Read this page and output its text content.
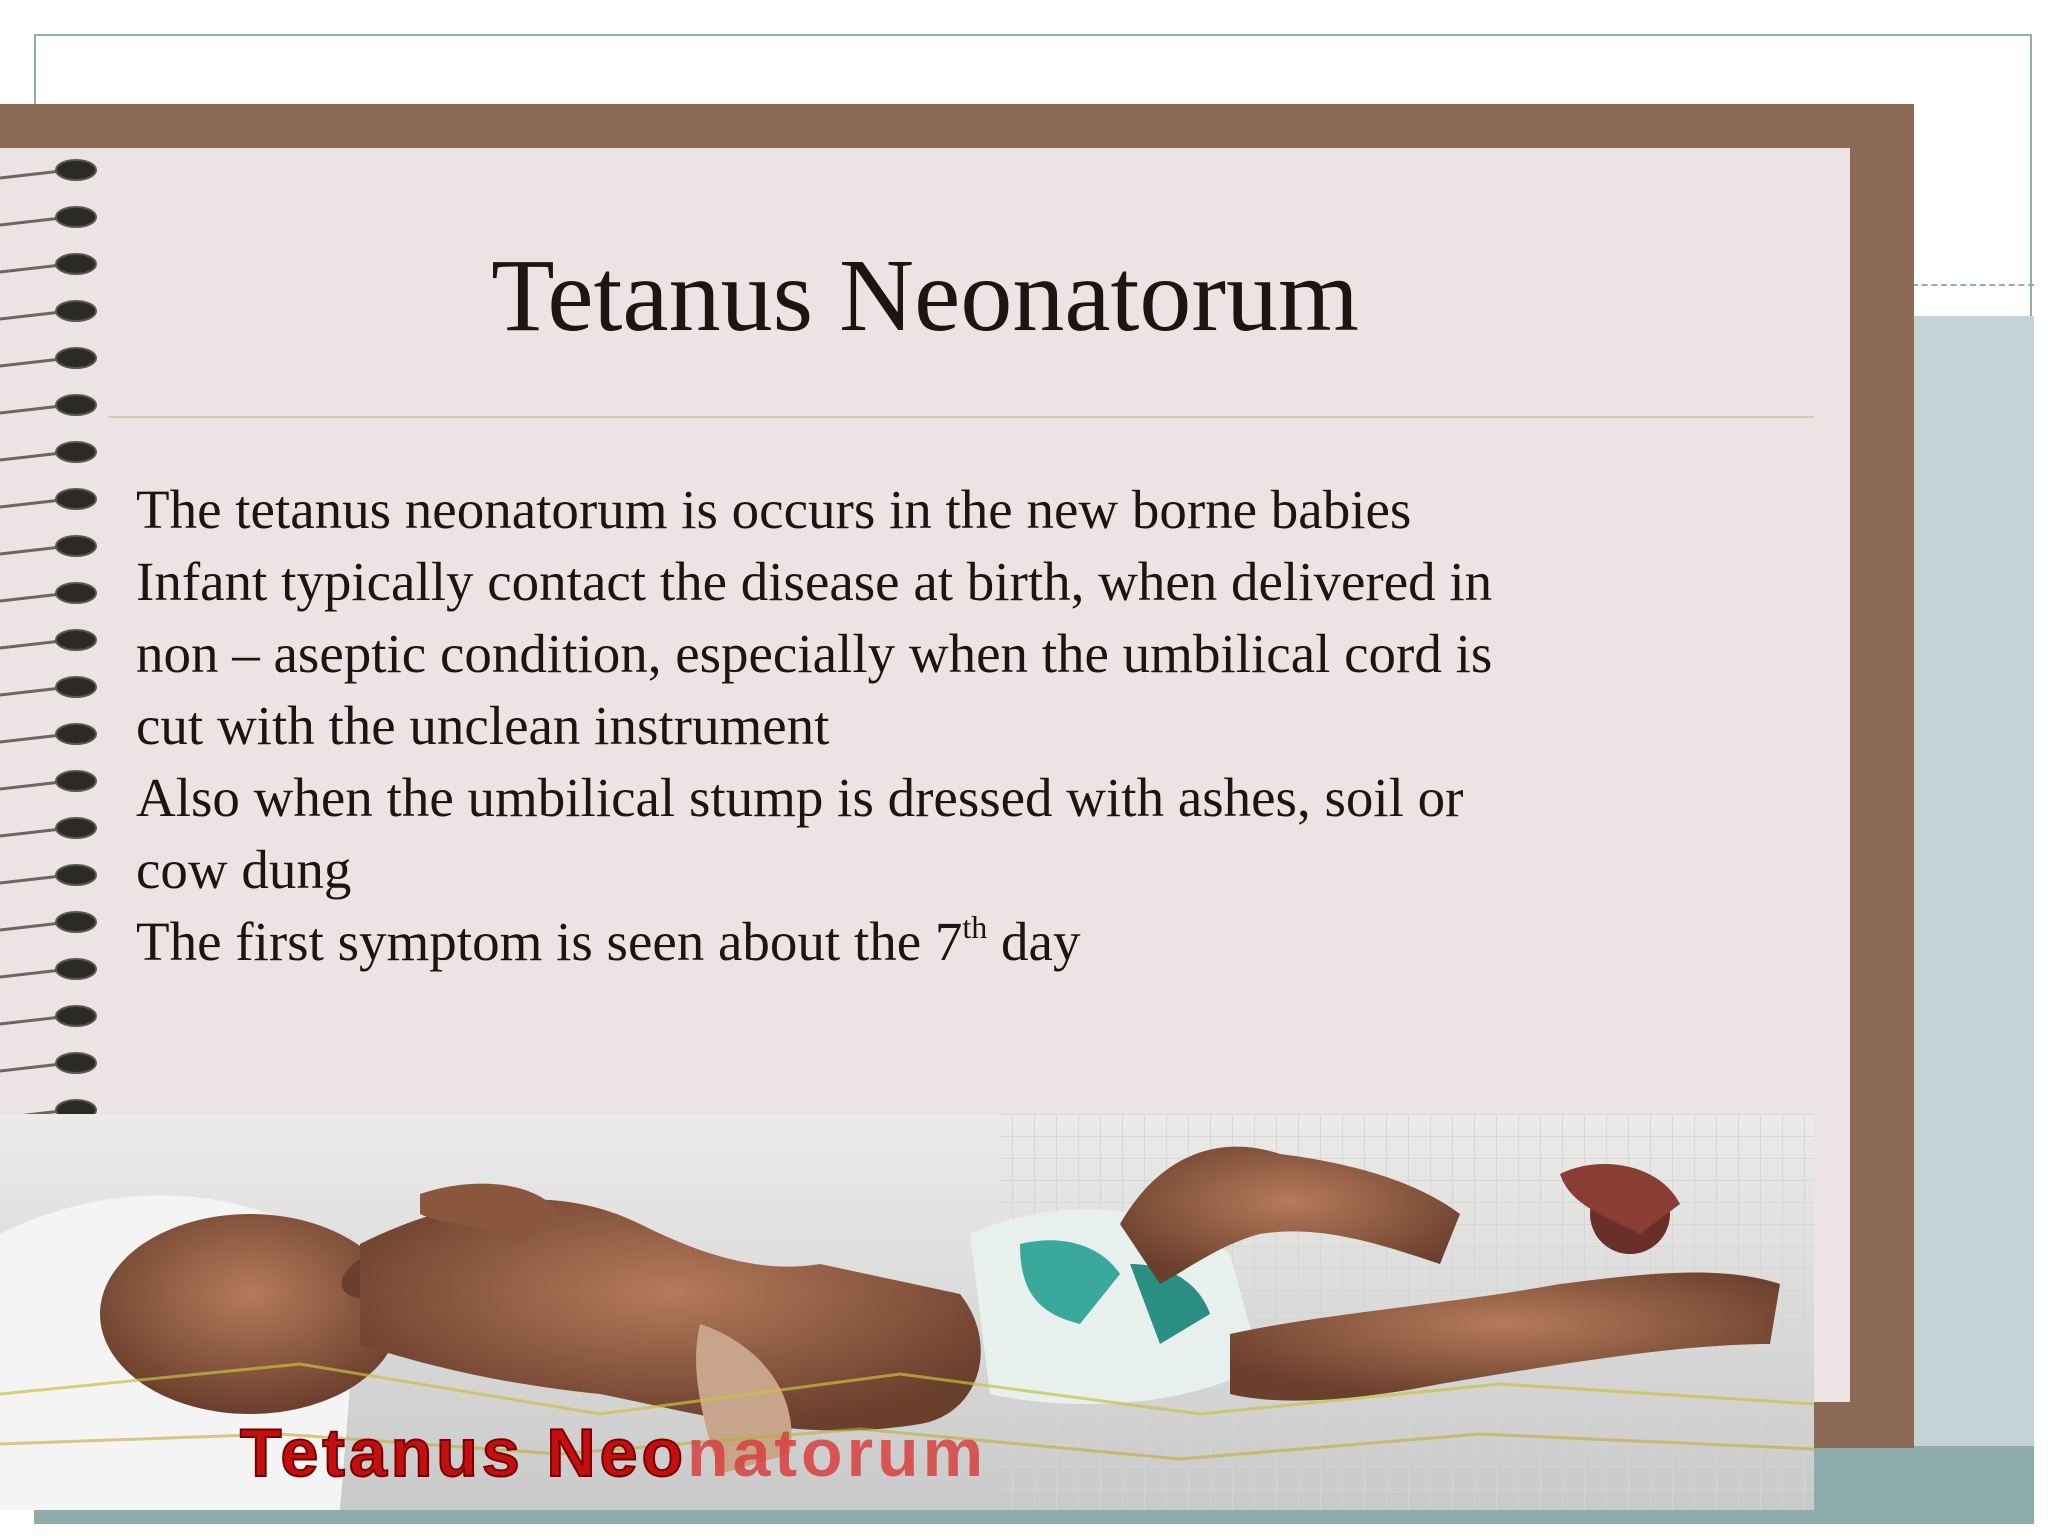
Tetanus Neonatorum

The tetanus neonatorum is occurs in the new borne babies

Infant typically contact the disease at birth, when delivered in

non – aseptic condition, especially when the umbilical cord is

cut with the unclean instrument

Also when the umbilical stump is dressed with ashes, soil or

cow dung

The first symptom is seen about the 7th day

Tetanus Neonatorum
